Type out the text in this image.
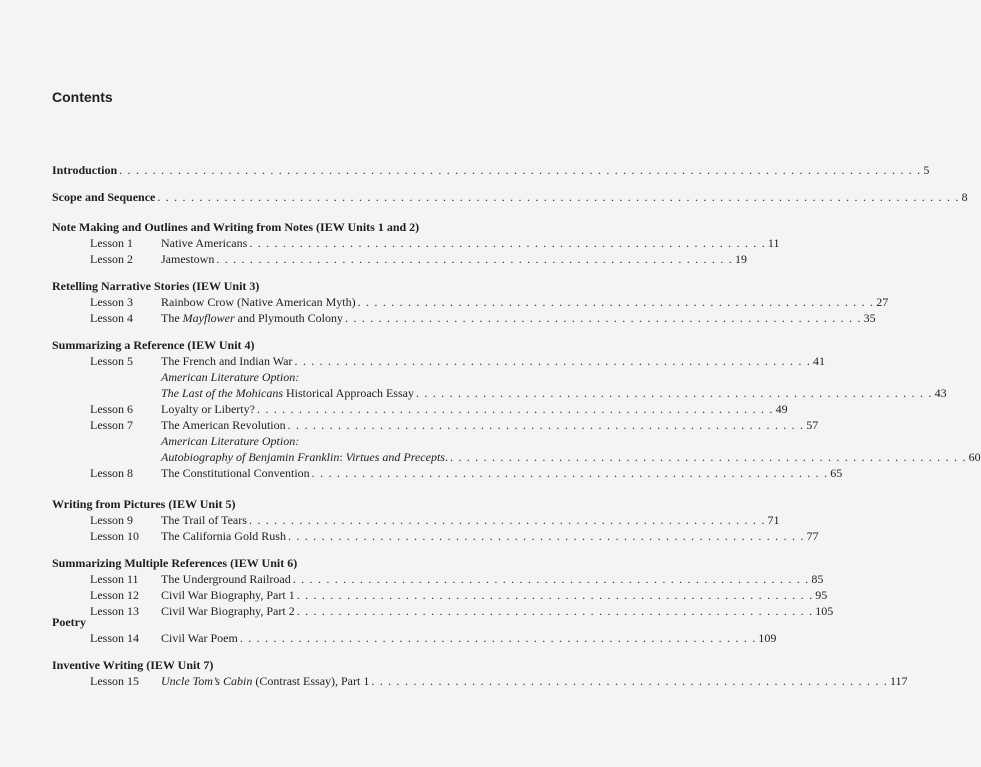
Contents
Introduction . . . . . . . . . . . . . . . . . . . . . . . . . . . . . . . . . . . . . . . . . . . . . . . . . . . . . . . . . . . . . . . . . . . . . . . . . . . . . . . . . . . . . . . . . . . . . . . . 5
Scope and Sequence . . . . . . . . . . . . . . . . . . . . . . . . . . . . . . . . . . . . . . . . . . . . . . . . . . . . . . . . . . . . . . . . . . . . . . . . . . . . . . . . . . . . . . . . . . . . . . . . 8
Note Making and Outlines and Writing from Notes (IEW Units 1 and 2)
Lesson 1 Native Americans . . . . . . . . . . . . . . . . . . . . . . . . . . . . . . . . . . . . . . . . . . . . . . . . . . . . . . . . . . . . . . 11
Lesson 2 Jamestown . . . . . . . . . . . . . . . . . . . . . . . . . . . . . . . . . . . . . . . . . . . . . . . . . . . . . . . . . . . . . . 19
Retelling Narrative Stories (IEW Unit 3)
Lesson 3 Rainbow Crow (Native American Myth) . . . . . . . . . . . . . . . . . . . . . . . . . . . . . . . . . . . . . . . . . . . . . . . . . . . . . . . . . . . . . . 27
Lesson 4 The Mayflower and Plymouth Colony . . . . . . . . . . . . . . . . . . . . . . . . . . . . . . . . . . . . . . . . . . . . . . . . . . . . . . . . . . . . . . 35
Summarizing a Reference (IEW Unit 4)
Lesson 5 The French and Indian War . . . . . . . . . . . . . . . . . . . . . . . . . . . . . . . . . . . . . . . . . . . . . . . . . . . . . . . . . . . . . . 41
American Literature Option:
The Last of the Mohicans Historical Approach Essay . . . . . . . . . . . . . . . . . . . . . . . . . . . . . . . . . . . . . . . . . . . . . . . . . . . . . . . . . . . . . . 43
Lesson 6 Loyalty or Liberty? . . . . . . . . . . . . . . . . . . . . . . . . . . . . . . . . . . . . . . . . . . . . . . . . . . . . . . . . . . . . . . 49
Lesson 7 The American Revolution . . . . . . . . . . . . . . . . . . . . . . . . . . . . . . . . . . . . . . . . . . . . . . . . . . . . . . . . . . . . . . 57
American Literature Option:
Autobiography of Benjamin Franklin: Virtues and Precepts. . . . . . . . . . . . . . . . . . . . . . . . . . . . . . . . . . . . . . . . . . . . . . . . . . . . . . . . . . . . . . . 60
Lesson 8 The Constitutional Convention . . . . . . . . . . . . . . . . . . . . . . . . . . . . . . . . . . . . . . . . . . . . . . . . . . . . . . . . . . . . . . 65
Writing from Pictures (IEW Unit 5)
Lesson 9 The Trail of Tears . . . . . . . . . . . . . . . . . . . . . . . . . . . . . . . . . . . . . . . . . . . . . . . . . . . . . . . . . . . . . . 71
Lesson 10 The California Gold Rush . . . . . . . . . . . . . . . . . . . . . . . . . . . . . . . . . . . . . . . . . . . . . . . . . . . . . . . . . . . . . . 77
Summarizing Multiple References (IEW Unit 6)
Lesson 11 The Underground Railroad . . . . . . . . . . . . . . . . . . . . . . . . . . . . . . . . . . . . . . . . . . . . . . . . . . . . . . . . . . . . . . 85
Lesson 12 Civil War Biography, Part 1 . . . . . . . . . . . . . . . . . . . . . . . . . . . . . . . . . . . . . . . . . . . . . . . . . . . . . . . . . . . . . . 95
Lesson 13 Civil War Biography, Part 2 . . . . . . . . . . . . . . . . . . . . . . . . . . . . . . . . . . . . . . . . . . . . . . . . . . . . . . . . . . . . . . 105
Poetry
Lesson 14 Civil War Poem . . . . . . . . . . . . . . . . . . . . . . . . . . . . . . . . . . . . . . . . . . . . . . . . . . . . . . . . . . . . . . 109
Inventive Writing (IEW Unit 7)
Lesson 15 Uncle Tom’s Cabin (Contrast Essay), Part 1 . . . . . . . . . . . . . . . . . . . . . . . . . . . . . . . . . . . . . . . . . . . . . . . . . . . . . . . . . . . . . . 117
